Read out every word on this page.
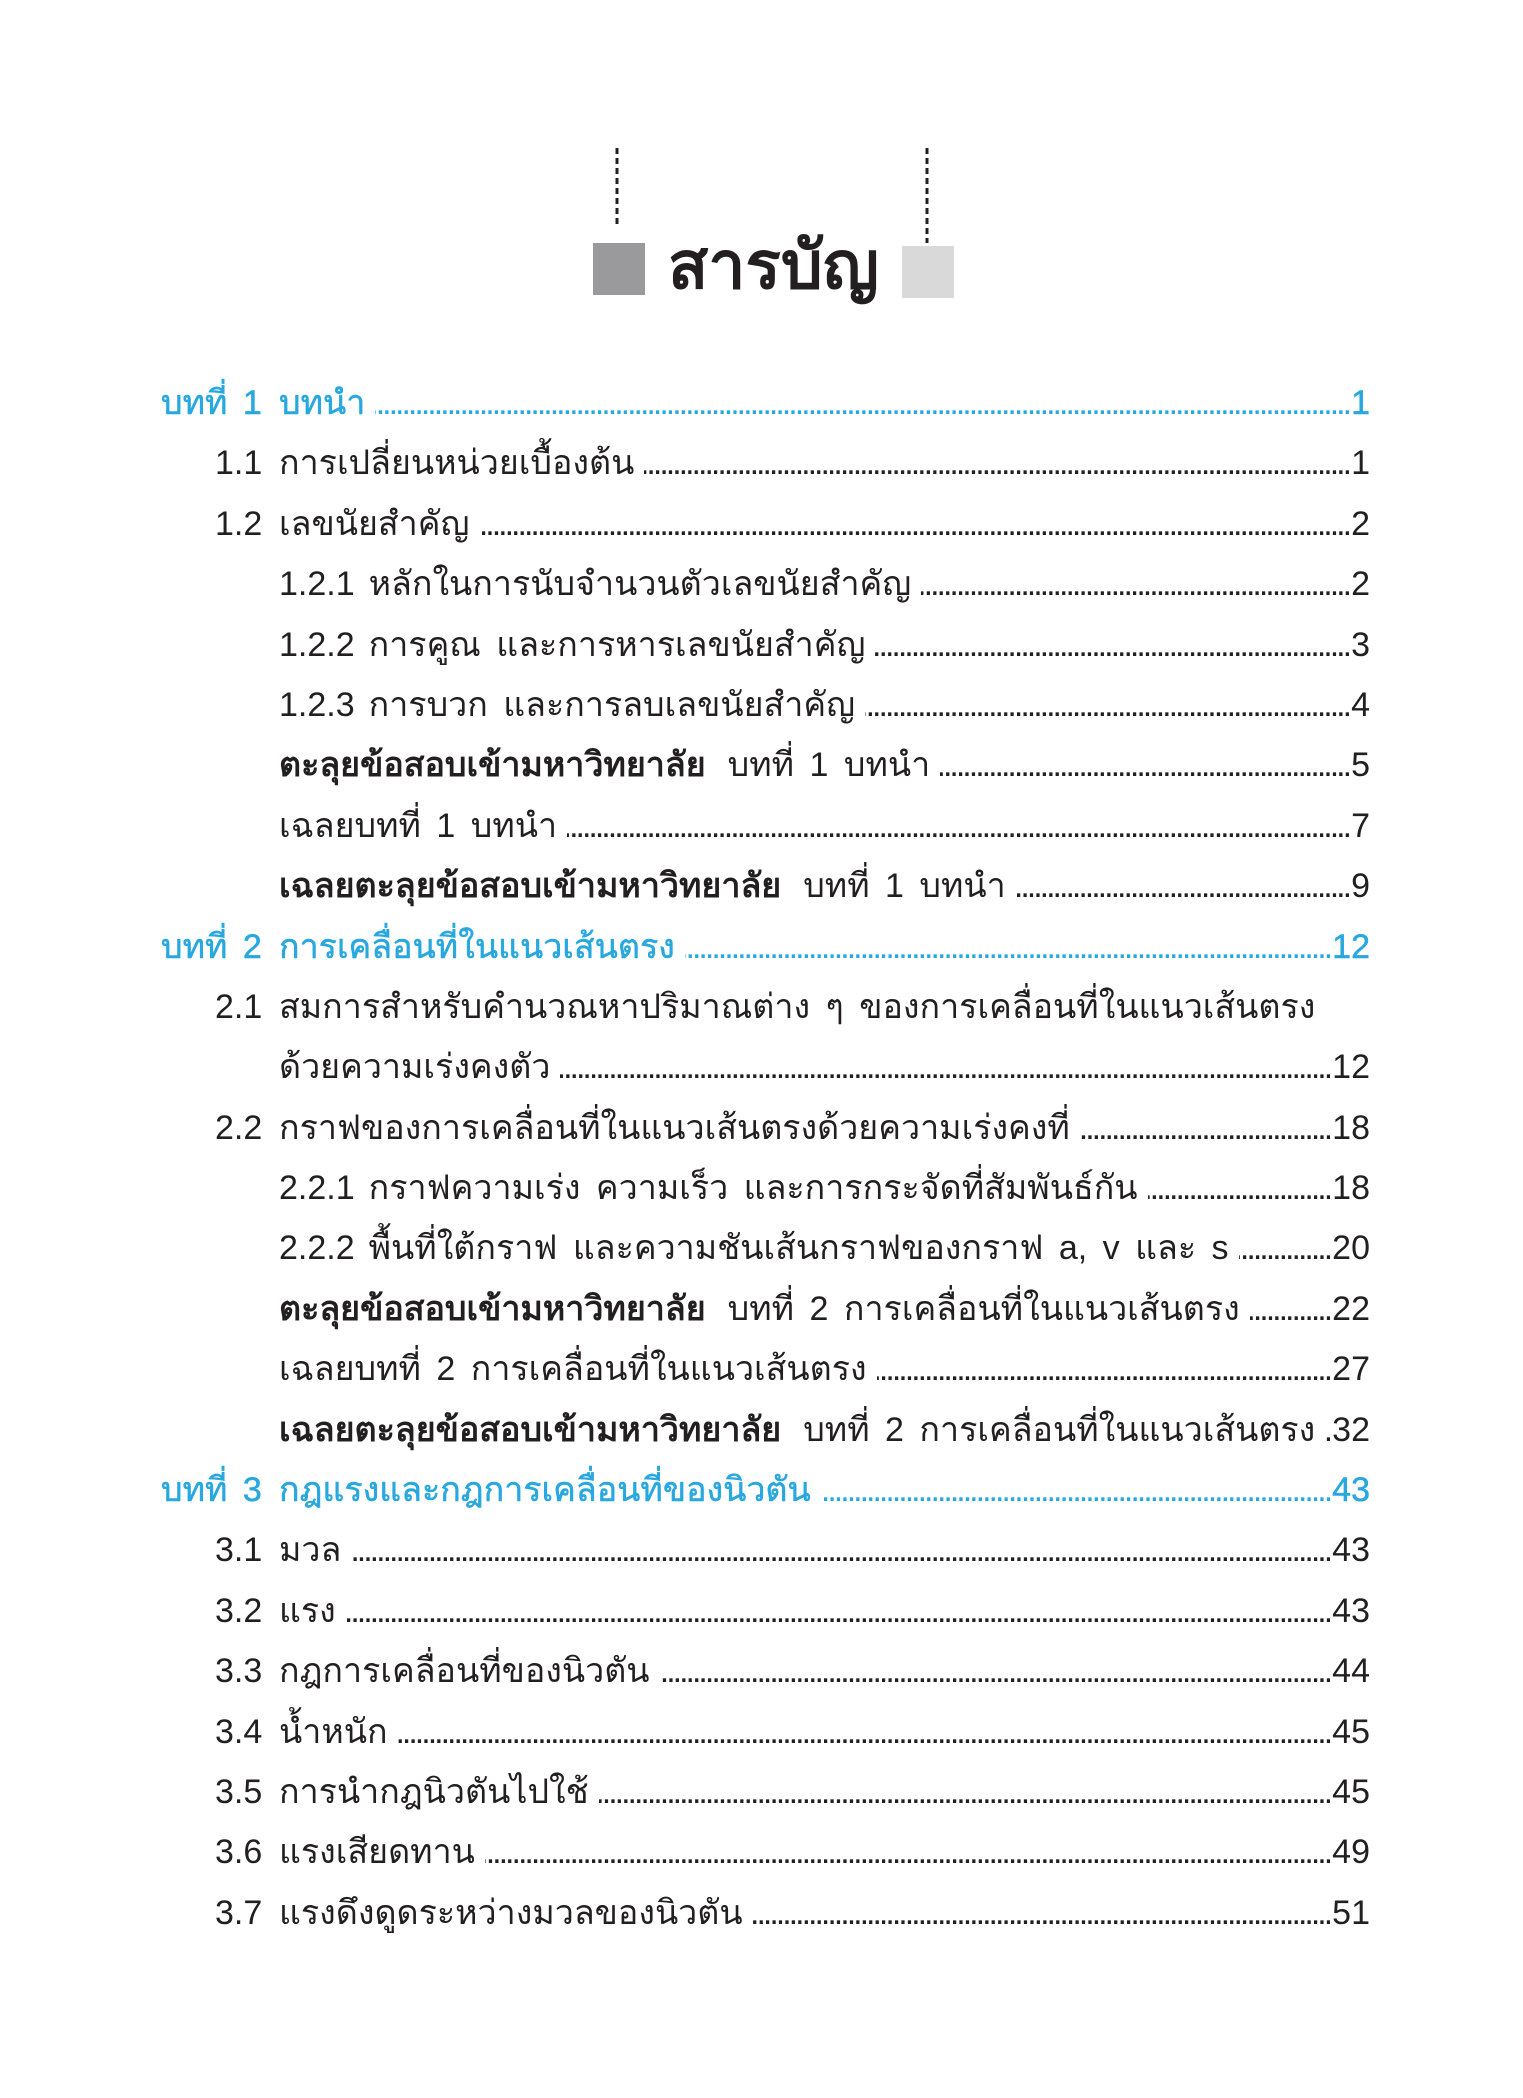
สารบัญ
บทที่ 1 บทนำ .....	1
1.1 การเปลี่ยนหน่วยเบื้องต้น .....	1
1.2 เลขนัยสำคัญ .....	2
1.2.1 หลักในการนับจำนวนตัวเลขนัยสำคัญ .....	2
1.2.2 การคูณ และการหารเลขนัยสำคัญ .....	3
1.2.3 การบวก และการลบเลขนัยสำคัญ .....	4
ตะลุยข้อสอบเข้ามหาวิทยาลัย บทที่ 1 บทนำ .....	5
เฉลยบทที่ 1 บทนำ .....	7
เฉลยตะลุยข้อสอบเข้ามหาวิทยาลัย บทที่ 1 บทนำ .....	9
บทที่ 2 การเคลื่อนที่ในแนวเส้นตรง .....	12
2.1 สมการสำหรับคำนวณหาปริมาณต่าง ๆ ของการเคลื่อนที่ในแนวเส้นตรง
ด้วยความเร่งคงตัว .....	12
2.2 กราฟของการเคลื่อนที่ในแนวเส้นตรงด้วยความเร่งคงที่ .....	18
2.2.1 กราฟความเร่ง ความเร็ว และการกระจัดที่สัมพันธ์กัน .....	18
2.2.2 พื้นที่ใต้กราฟ และความชันเส้นกราฟของกราฟ a, v และ s .....	20
ตะลุยข้อสอบเข้ามหาวิทยาลัย บทที่ 2 การเคลื่อนที่ในแนวเส้นตรง .....	22
เฉลยบทที่ 2 การเคลื่อนที่ในแนวเส้นตรง .....	27
เฉลยตะลุยข้อสอบเข้ามหาวิทยาลัย บทที่ 2 การเคลื่อนที่ในแนวเส้นตรง ..... 32
บทที่ 3 กฎแรงและกฎการเคลื่อนที่ของนิวตัน .....	43
3.1 มวล .....	43
3.2 แรง .....	43
3.3 กฎการเคลื่อนที่ของนิวตัน .....	44
3.4 น้ำหนัก .....	45
3.5 การนำกฎนิวตันไปใช้ .....	45
3.6 แรงเสียดทาน .....	49
3.7 แรงดึงดูดระหว่างมวลของนิวตัน .....	51
